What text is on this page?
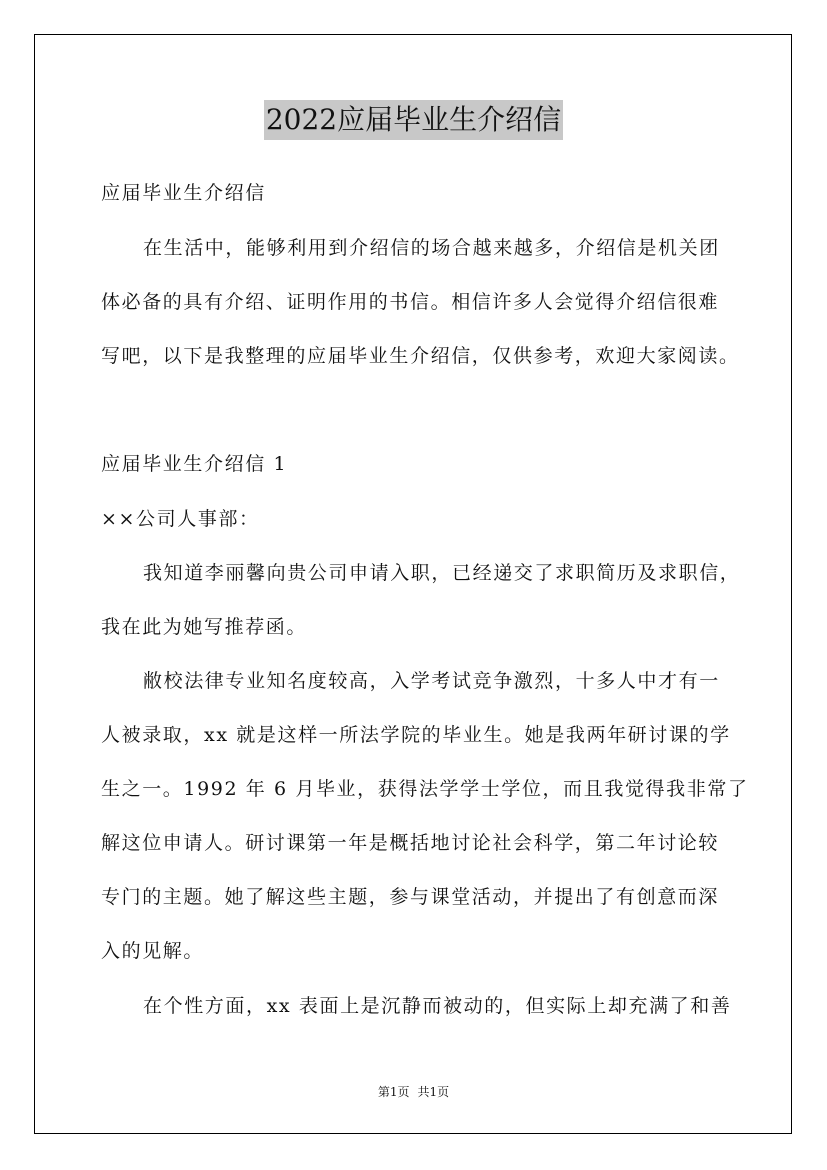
2022应届毕业生介绍信
应届毕业生介绍信
在生活中，能够利用到介绍信的场合越来越多，介绍信是机关团
体必备的具有介绍、证明作用的书信。相信许多人会觉得介绍信很难
写吧，以下是我整理的应届毕业生介绍信，仅供参考，欢迎大家阅读。
应届毕业生介绍信 1
××公司人事部：
我知道李丽馨向贵公司申请入职，已经递交了求职简历及求职信，
我在此为她写推荐函。
敝校法律专业知名度较高，入学考试竞争激烈，十多人中才有一
人被录取，xx 就是这样一所法学院的毕业生。她是我两年研讨课的学
生之一。1992 年 6 月毕业，获得法学学士学位，而且我觉得我非常了
解这位申请人。研讨课第一年是概括地讨论社会科学，第二年讨论较
专门的主题。她了解这些主题，参与课堂活动，并提出了有创意而深
入的见解。
在个性方面，xx 表面上是沉静而被动的，但实际上却充满了和善
第1页 共1页
